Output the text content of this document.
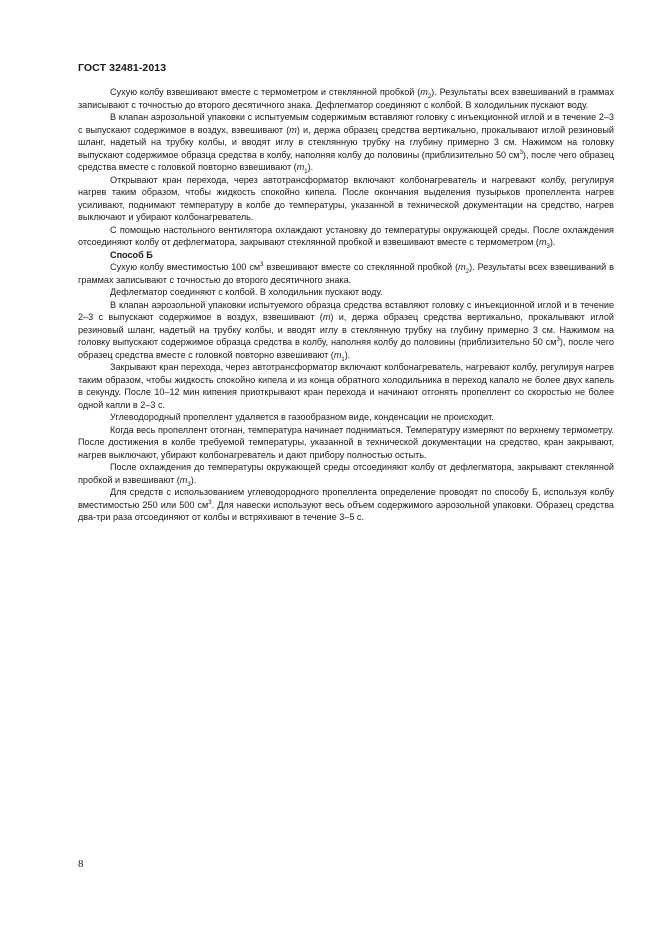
ГОСТ 32481-2013

Сухую колбу взвешивают вместе с термометром и стеклянной пробкой $(m_2)$. Результаты всех взвешиваний в граммах записывают с точностью до второго десятичного знака. Дефлегматор соединяют с колбой. В холодильник пускают воду.

В клапан аэрозольной упаковки с испытуемым содержимым вставляют головку с инъекционной иглой и в течение 2–3 с выпускают содержимое в воздух, взвешивают (m) и, держа образец средства вертикально, прокалывают иглой резиновый шланг, надетый на трубку колбы, и вводят иглу в стеклянную трубку на глубину примерно 3 см. Нажимом на головку выпускают содержимое образца средства в колбу, наполняя колбу до половины (приблизительно 50 $см^3$), после чего образец средства вместе с головкой повторно взвешивают $(m_1)$.

Открывают кран перехода, через автотрансформатор включают колбонагреватель и нагревают колбу, регулируя нагрев таким образом, чтобы жидкость спокойно кипела. После окончания выделения пузырьков пропеллента нагрев усиливают, поднимают температуру в колбе до температуры, указанной в технической документации на средство, нагрев выключают и убирают колбонагреватель.

С помощью настольного вентилятора охлаждают установку до температуры окружающей среды. После охлаждения отсоединяют колбу от дефлегматора, закрывают стеклянной пробкой и взвешивают вместе с термометром $(m_3)$.

Способ Б

Сухую колбу вместимостью 100 $см^3$ взвешивают вместе со стеклянной пробкой $(m_2)$. Результаты всех взвешиваний в граммах записывают с точностью до второго десятичного знака.

Дефлегматор соединяют с колбой. В холодильник пускают воду.

В клапан аэрозольной упаковки испытуемого образца средства вставляют головку с инъекционной иглой и в течение 2–3 с выпускают содержимое в воздух, взвешивают (m) и, держа образец средства вертикально, прокалывают иглой резиновый шланг, надетый на трубку колбы, и вводят иглу в стеклянную трубку на глубину примерно 3 см. Нажимом на головку выпускают содержимое образца средства в колбу, наполняя колбу до половины (приблизительно 50 $см^3$), после чего образец средства вместе с головкой повторно взвешивают $(m_1)$.

Закрывают кран перехода, через автотрансформатор включают колбонагреватель, нагревают колбу, регулируя нагрев таким образом, чтобы жидкость спокойно кипела и из конца обратного холодильника в переход капало не более двух капель в секунду. После 10–12 мин кипения приоткрывают кран перехода и начинают отгонять пропеллент со скоростью не более одной капли в 2–3 с.

Углеводородный пропеллент удаляется в газообразном виде, конденсации не происходит.

Когда весь пропеллент отогнан, температура начинает подниматься. Температуру измеряют по верхнему термометру. После достижения в колбе требуемой температуры, указанной в технической документации на средство, кран закрывают, нагрев выключают, убирают колбонагреватель и дают прибору полностью остыть.

После охлаждения до температуры окружающей среды отсоединяют колбу от дефлегматора, закрывают стеклянной пробкой и взвешивают $(m_3)$.

Для средств с использованием углеводородного пропеллента определение проводят по способу Б, используя колбу вместимостью 250 или 500 $см^3$. Для навески используют весь объем содержимого аэрозольной упаковки. Образец средства два-три раза отсоединяют от колбы и встряхивают в течение 3–5 с.

8
